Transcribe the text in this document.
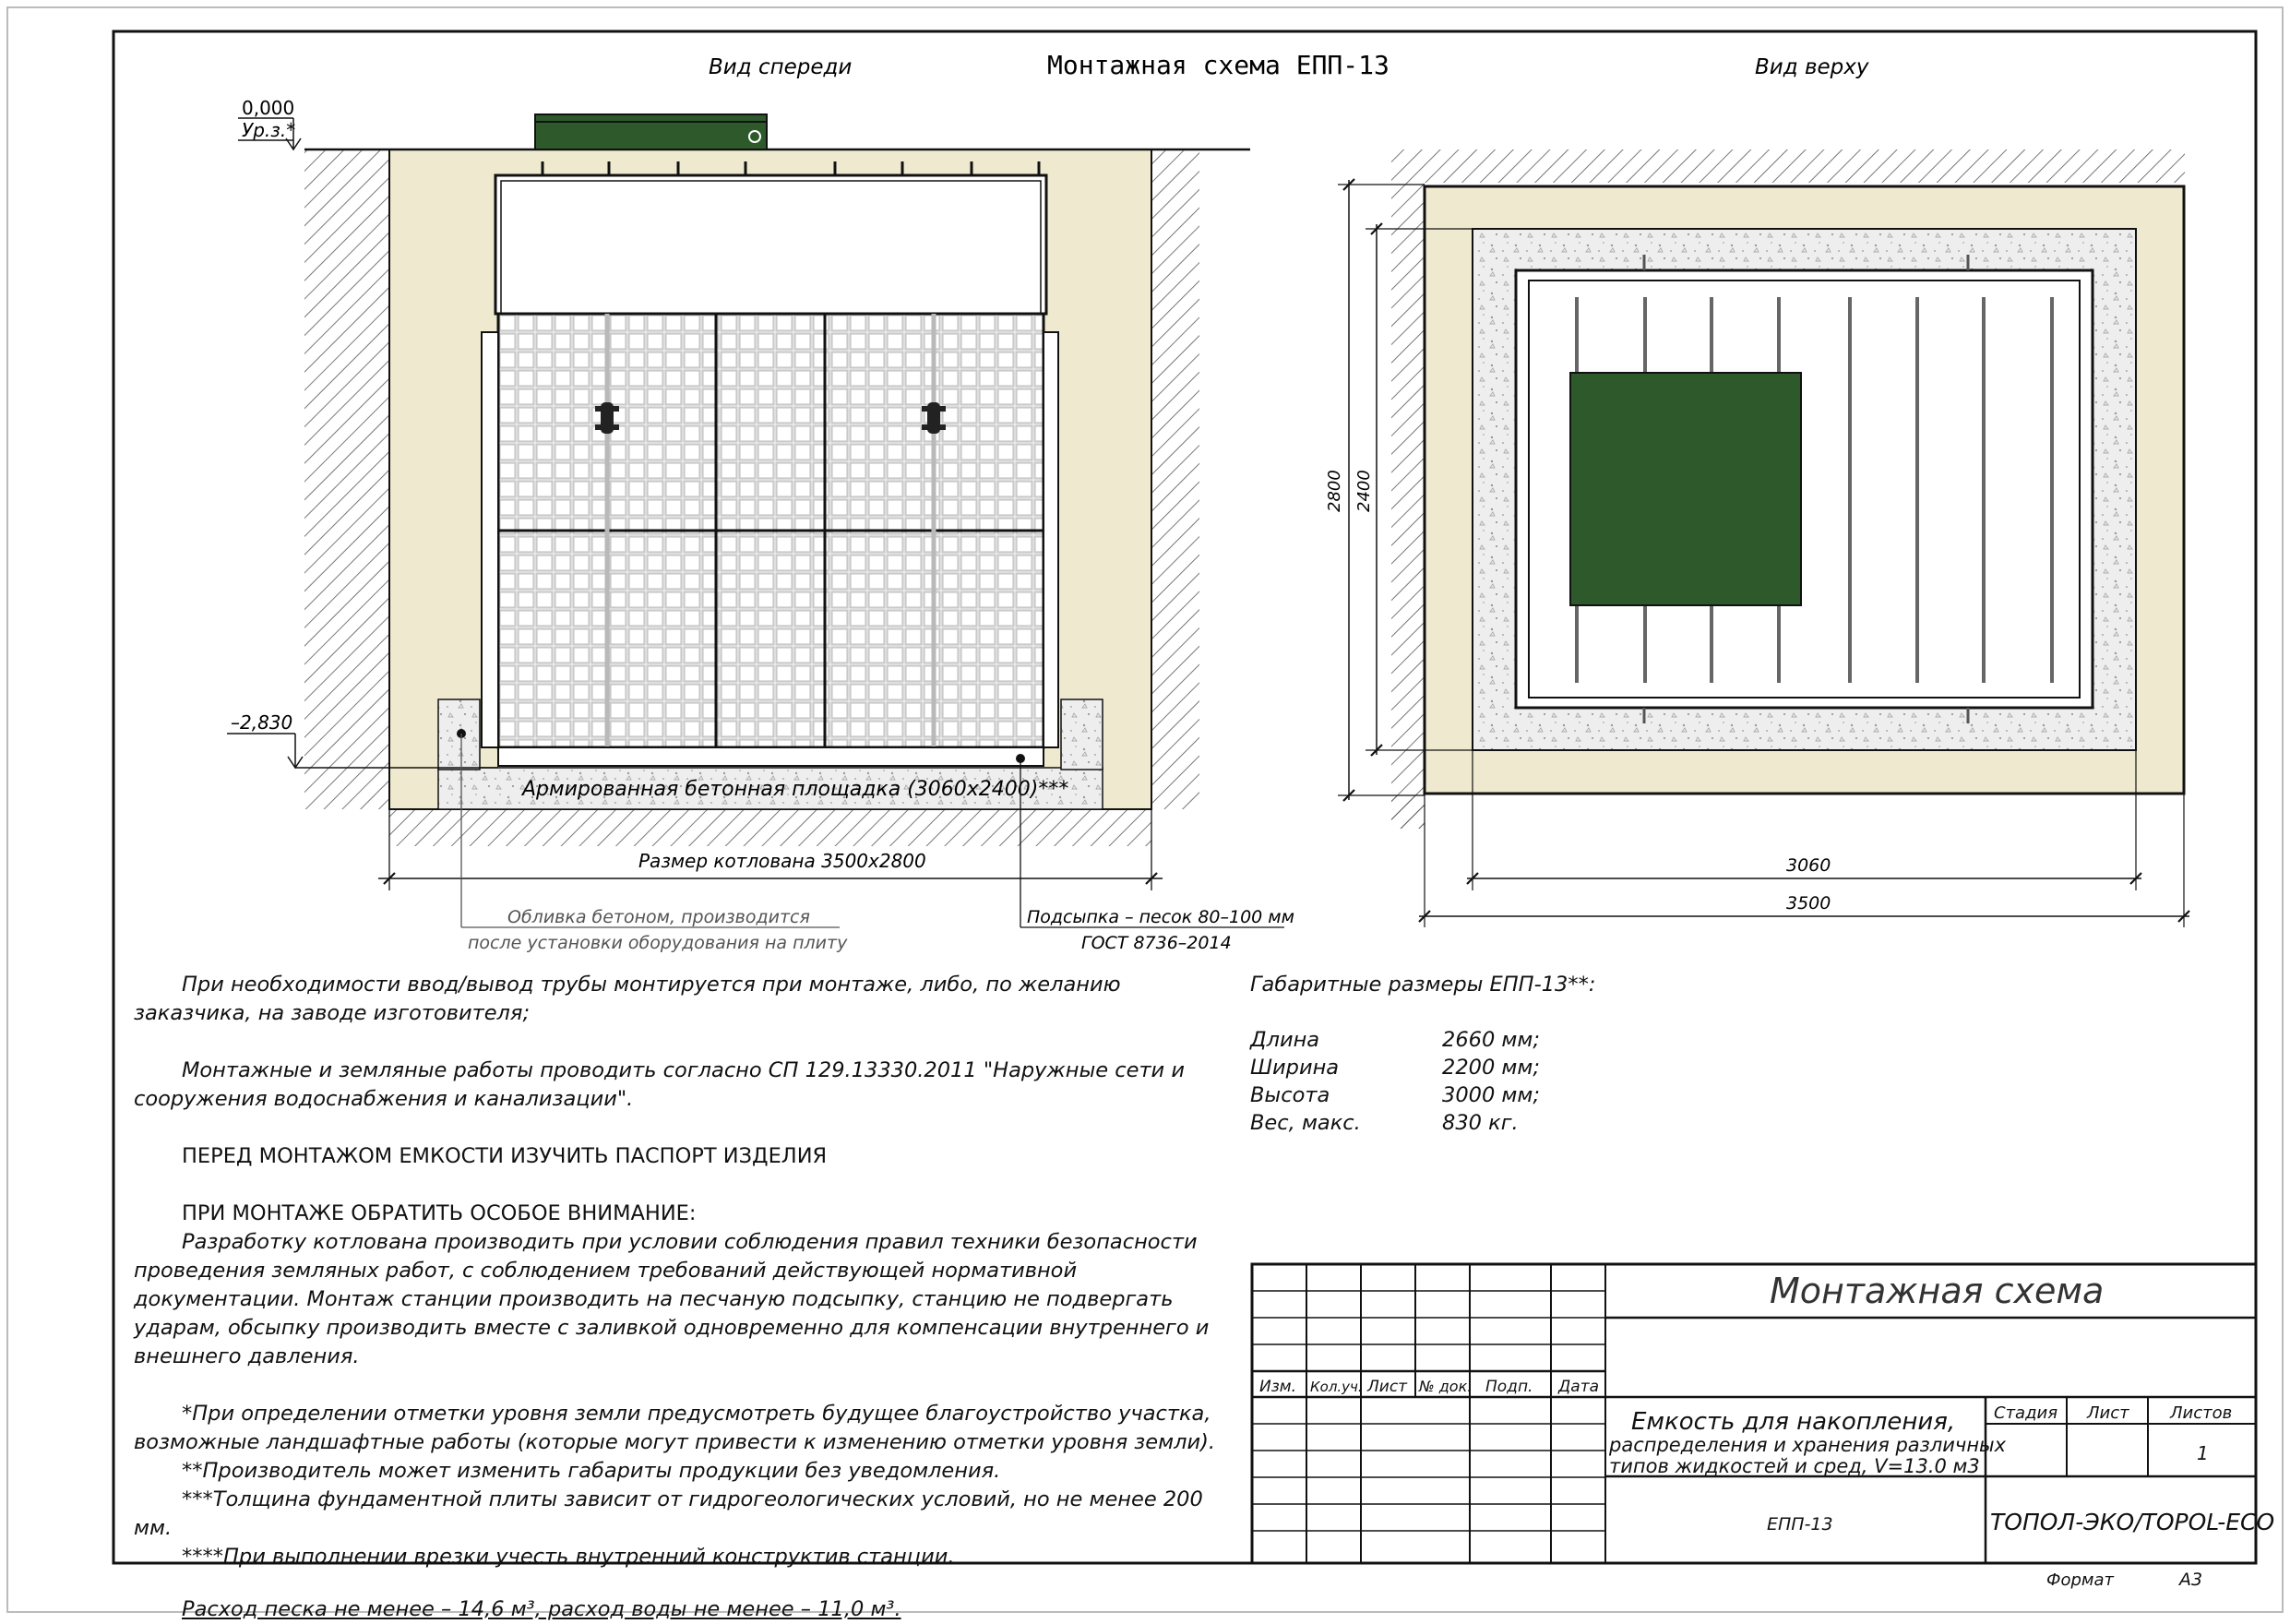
Монтажная схема ЕПП-13
Вид спереди	Вид верху
0,000
Ур.з.*
–2,830
Армированная бетонная площадка (3060х2400)***
Размер котлована 3500х2800
Обливка бетоном, производится
после установки оборудования на плиту
Подсыпка – песок 80–100 мм
ГОСТ 8736–2014
2800 2400
3060
3500
Монтажная схема
Изм. Кол.уч. Лист № док. Подп. Дата
Емкость для накопления,
распределения и хранения различных
типов жидкостей и сред, V=13.0 м3
Стадия Лист Листов
1
ЕПП-13	ТОПОЛ-ЭКО/TOPOL-ECO
Формат	А3

При необходимости ввод/вывод трубы монтируется при монтаже, либо, по желанию заказчика, на заводе изготовителя;

Монтажные и земляные работы проводить согласно СП 129.13330.2011 "Наружные сети и сооружения водоснабжения и канализации".

ПЕРЕД МОНТАЖОМ ЕМКОСТИ ИЗУЧИТЬ ПАСПОРТ ИЗДЕЛИЯ

ПРИ МОНТАЖЕ ОБРАТИТЬ ОСОБОЕ ВНИМАНИЕ:

Разработку котлована производить при условии соблюдения правил техники безопасности проведения земляных работ, с соблюдением требований действующей нормативной документации. Монтаж станции производить на песчаную подсыпку, станцию не подвергать ударам, обсыпку производить вместе с заливкой одновременно для компенсации внутреннего и внешнего давления.

*При определении отметки уровня земли предусмотреть будущее благоустройство участка, возможные ландшафтные работы (которые могут привести к изменению отметки уровня земли).

**Производитель может изменить габариты продукции без уведомления.

***Толщина фундаментной плиты зависит от гидрогеологических условий, но не менее 200 мм.

****При выполнении врезки учесть внутренний конструктив станции.

Расход песка не менее – 14,6 м³, расход воды не менее – 11,0 м³.

Габаритные размеры ЕПП-13**:
Длина	2660 мм;
Ширина	2200 мм;
Высота	3000 мм;
Вес, макс.	830 кг.
